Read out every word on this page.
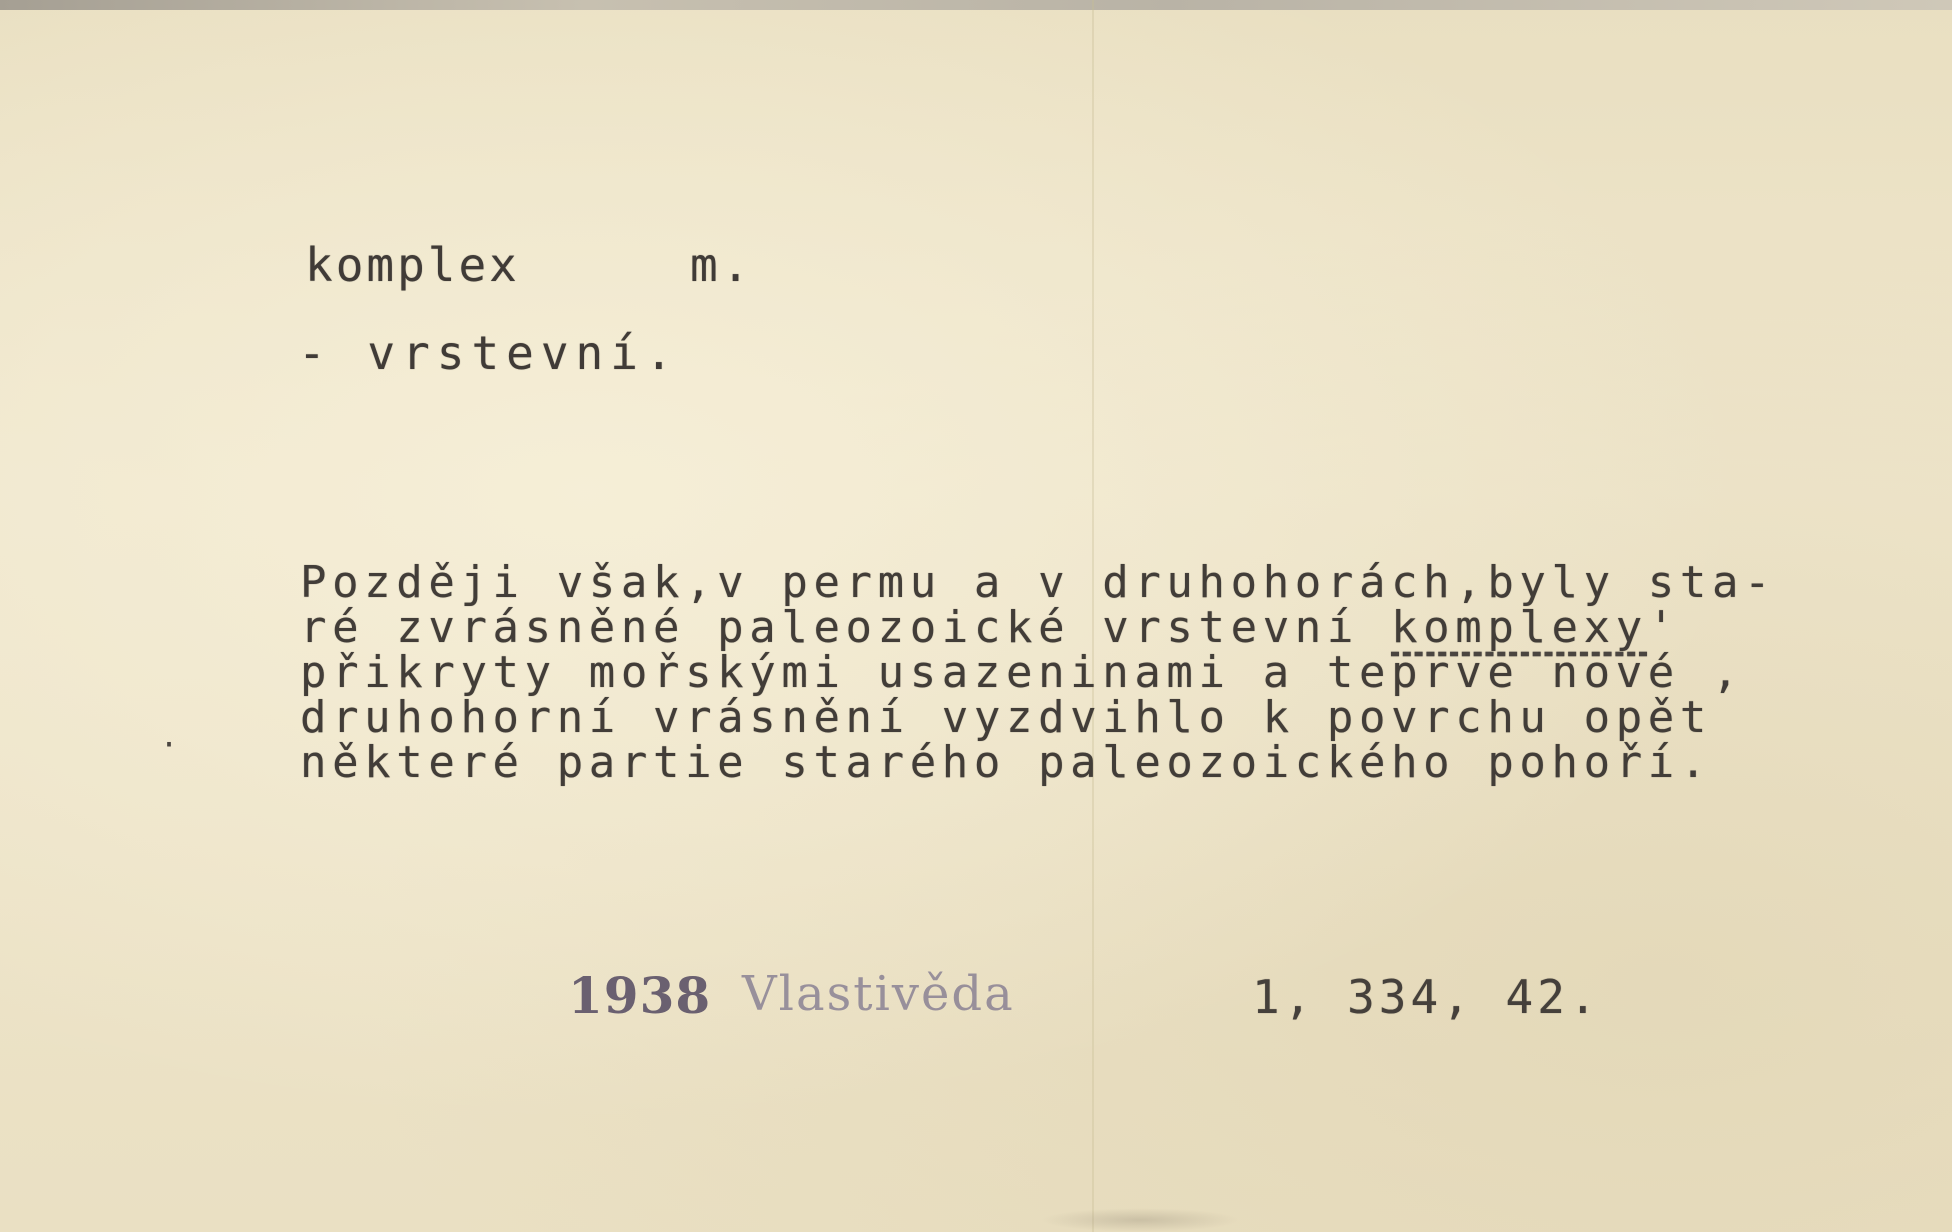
komplex	m.
- vrstevní.
Později však,v permu a v druhohorách,byly sta-
ré zvrásněné paleozoické vrstevní komplexy'
přikryty mořskými usazeninami a teprve nové ,
druhohorní vrásnění vyzdvihlo k povrchu opět
některé partie starého paleozoického pohoří.
·
1938 Vlastivěda	1, 334, 42.
